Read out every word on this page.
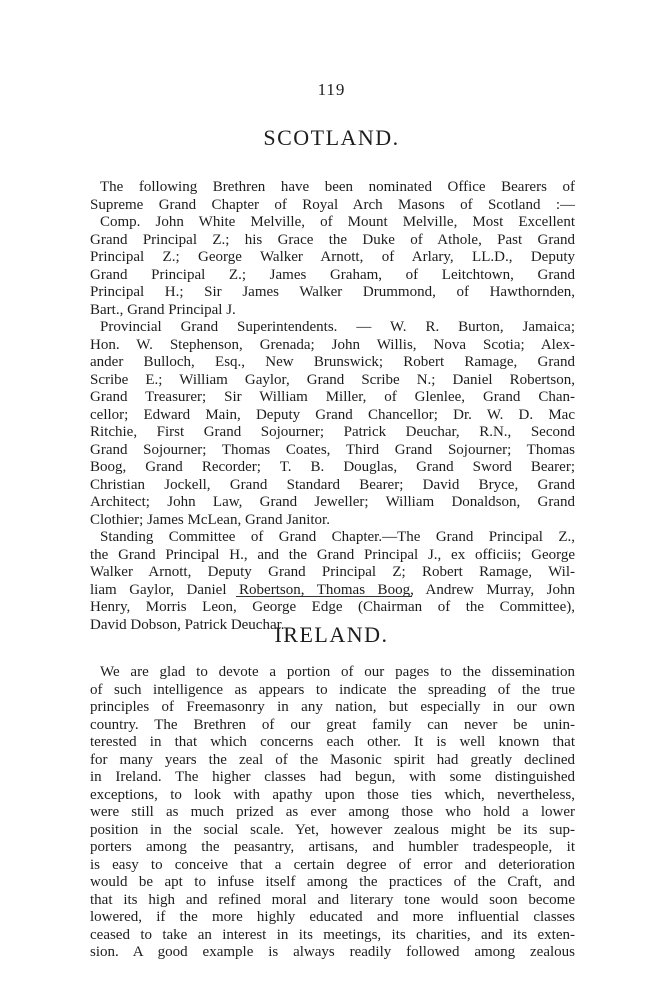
119
SCOTLAND.
The following Brethren have been nominated Office Bearers of
Supreme Grand Chapter of Royal Arch Masons of Scotland :—
Comp. John White Melville, of Mount Melville, Most Excellent
Grand Principal Z.; his Grace the Duke of Athole, Past Grand
Principal Z.; George Walker Arnott, of Arlary, LL.D., Deputy
Grand Principal Z.; James Graham, of Leitchtown, Grand
Principal H.; Sir James Walker Drummond, of Hawthornden,
Bart., Grand Principal J.
Provincial Grand Superintendents. — W. R. Burton, Jamaica;
Hon. W. Stephenson, Grenada; John Willis, Nova Scotia; Alex-
ander Bulloch, Esq., New Brunswick; Robert Ramage, Grand
Scribe E.; William Gaylor, Grand Scribe N.; Daniel Robertson,
Grand Treasurer; Sir William Miller, of Glenlee, Grand Chan-
cellor; Edward Main, Deputy Grand Chancellor; Dr. W. D. Mac
Ritchie, First Grand Sojourner; Patrick Deuchar, R.N., Second
Grand Sojourner; Thomas Coates, Third Grand Sojourner; Thomas
Boog, Grand Recorder; T. B. Douglas, Grand Sword Bearer;
Christian Jockell, Grand Standard Bearer; David Bryce, Grand
Architect; John Law, Grand Jeweller; William Donaldson, Grand
Clothier; James McLean, Grand Janitor.
Standing Committee of Grand Chapter.—The Grand Principal Z.,
the Grand Principal H., and the Grand Principal J., ex officiis; George
Walker Arnott, Deputy Grand Principal Z; Robert Ramage, Wil-
liam Gaylor, Daniel Robertson, Thomas Boog, Andrew Murray, John
Henry, Morris Leon, George Edge (Chairman of the Committee),
David Dobson, Patrick Deuchar.
IRELAND.
We are glad to devote a portion of our pages to the dissemination
of such intelligence as appears to indicate the spreading of the true
principles of Freemasonry in any nation, but especially in our own
country. The Brethren of our great family can never be unin-
terested in that which concerns each other. It is well known that
for many years the zeal of the Masonic spirit had greatly declined
in Ireland. The higher classes had begun, with some distinguished
exceptions, to look with apathy upon those ties which, nevertheless,
were still as much prized as ever among those who hold a lower
position in the social scale. Yet, however zealous might be its sup-
porters among the peasantry, artisans, and humbler tradespeople, it
is easy to conceive that a certain degree of error and deterioration
would be apt to infuse itself among the practices of the Craft, and
that its high and refined moral and literary tone would soon become
lowered, if the more highly educated and more influential classes
ceased to take an interest in its meetings, its charities, and its exten-
sion. A good example is always readily followed among zealous
